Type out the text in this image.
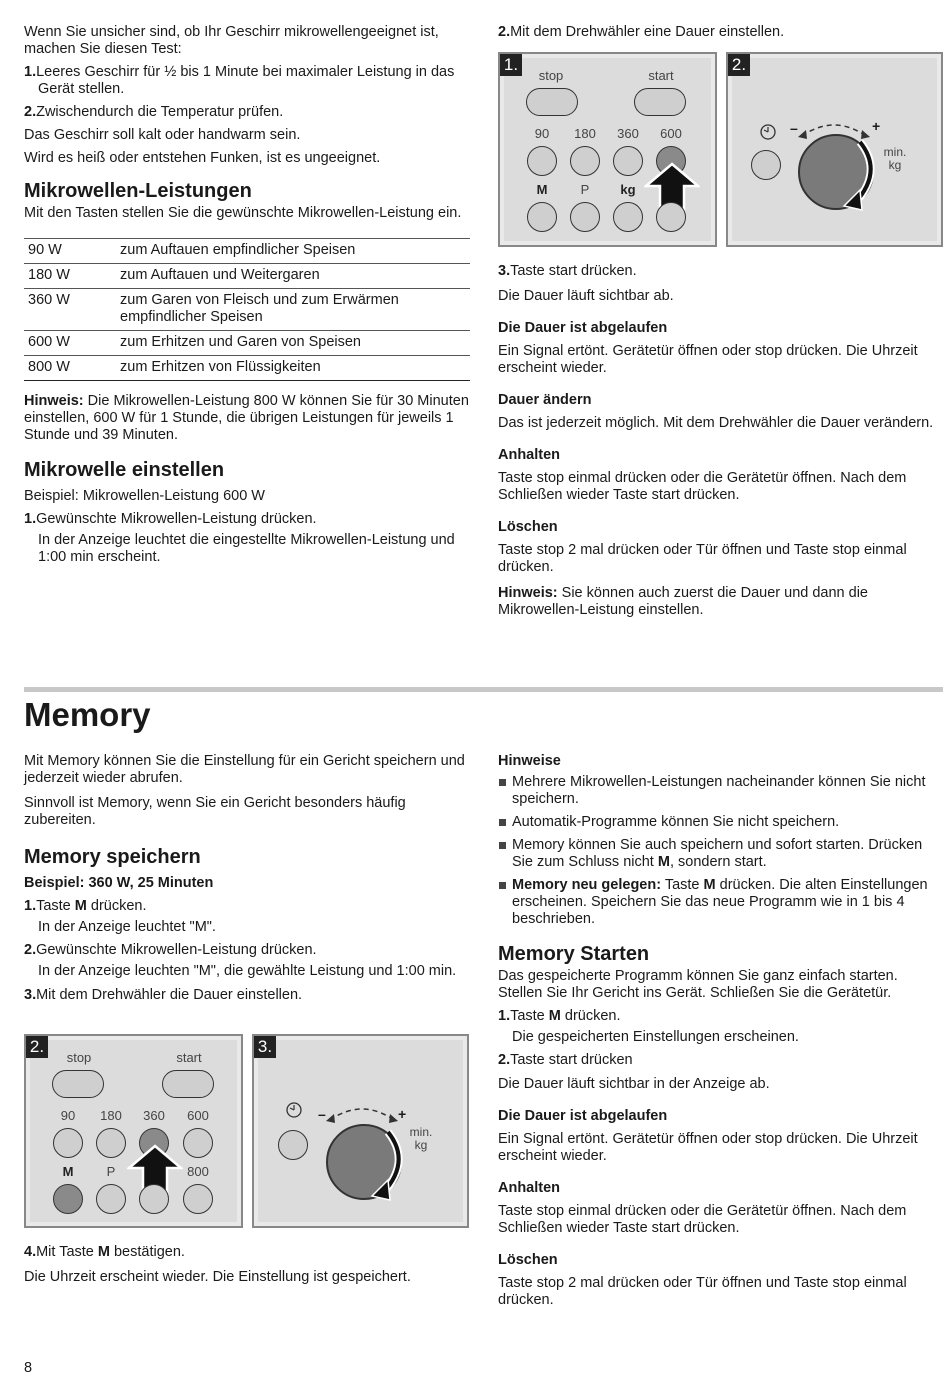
Wenn Sie unsicher sind, ob Ihr Geschirr mikrowellengeeignet ist, machen Sie diesen Test:

1.Leeres Geschirr für ½ bis 1 Minute bei maximaler Leistung in das Gerät stellen.

2.Zwischendurch die Temperatur prüfen.

Das Geschirr soll kalt oder handwarm sein.

Wird es heiß oder entstehen Funken, ist es ungeeignet.

Mikrowellen-Leistungen

Mit den Tasten stellen Sie die gewünschte Mikrowellen-Leistung ein.

90 W	zum Auftauen empfindlicher Speisen
180 W	zum Auftauen und Weitergaren
360 W	zum Garen von Fleisch und zum Erwärmen empfindlicher Speisen
600 W	zum Erhitzen und Garen von Speisen
800 W	zum Erhitzen von Flüssigkeiten

Hinweis: Die Mikrowellen-Leistung 800 W können Sie für 30 Minuten einstellen, 600 W für 1 Stunde, die übrigen Leistungen für jeweils 1 Stunde und 39 Minuten.

Mikrowelle einstellen

Beispiel: Mikrowellen-Leistung 600 W

1.Gewünschte Mikrowellen-Leistung drücken.

In der Anzeige leuchtet die eingestellte Mikrowellen-Leistung und 1:00 min erscheint.

2.Mit dem Drehwähler eine Dauer einstellen.

1.
stop	start
90	180	360	600
M	P	kg
2.
–	+
min.
kg

3.Taste start drücken.

Die Dauer läuft sichtbar ab.

Die Dauer ist abgelaufen

Ein Signal ertönt. Gerätetür öffnen oder stop drücken. Die Uhrzeit erscheint wieder.

Dauer ändern

Das ist jederzeit möglich. Mit dem Drehwähler die Dauer verändern.

Anhalten

Taste stop einmal drücken oder die Gerätetür öffnen. Nach dem Schließen wieder Taste start drücken.

Löschen

Taste stop 2 mal drücken oder Tür öffnen und Taste stop einmal drücken.

Hinweis: Sie können auch zuerst die Dauer und dann die Mikrowellen-Leistung einstellen.

Memory

Mit Memory können Sie die Einstellung für ein Gericht speichern und jederzeit wieder abrufen.

Sinnvoll ist Memory, wenn Sie ein Gericht besonders häufig zubereiten.

Memory speichern

Beispiel: 360 W, 25 Minuten

1.Taste M drücken.

In der Anzeige leuchtet "M".

2.Gewünschte Mikrowellen-Leistung drücken.

In der Anzeige leuchten "M", die gewählte Leistung und 1:00 min.

3.Mit dem Drehwähler die Dauer einstellen.

2.
stop	start
90	180	360	600
M	P	800
3.
–	+
min.
kg

4.Mit Taste M bestätigen.

Die Uhrzeit erscheint wieder. Die Einstellung ist gespeichert.

Hinweise

Mehrere Mikrowellen-Leistungen nacheinander können Sie nicht speichern.

Automatik-Programme können Sie nicht speichern.

Memory können Sie auch speichern und sofort starten. Drücken Sie zum Schluss nicht M, sondern start.

Memory neu gelegen: Taste M drücken. Die alten Einstellungen erscheinen. Speichern Sie das neue Programm wie in 1 bis 4 beschrieben.

Memory Starten

Das gespeicherte Programm können Sie ganz einfach starten. Stellen Sie Ihr Gericht ins Gerät. Schließen Sie die Gerätetür.

1.Taste M drücken.

Die gespeicherten Einstellungen erscheinen.

2.Taste start drücken

Die Dauer läuft sichtbar in der Anzeige ab.

Die Dauer ist abgelaufen

Ein Signal ertönt. Gerätetür öffnen oder stop drücken. Die Uhrzeit erscheint wieder.

Anhalten

Taste stop einmal drücken oder die Gerätetür öffnen. Nach dem Schließen wieder Taste start drücken.

Löschen

Taste stop 2 mal drücken oder Tür öffnen und Taste stop einmal drücken.

8
